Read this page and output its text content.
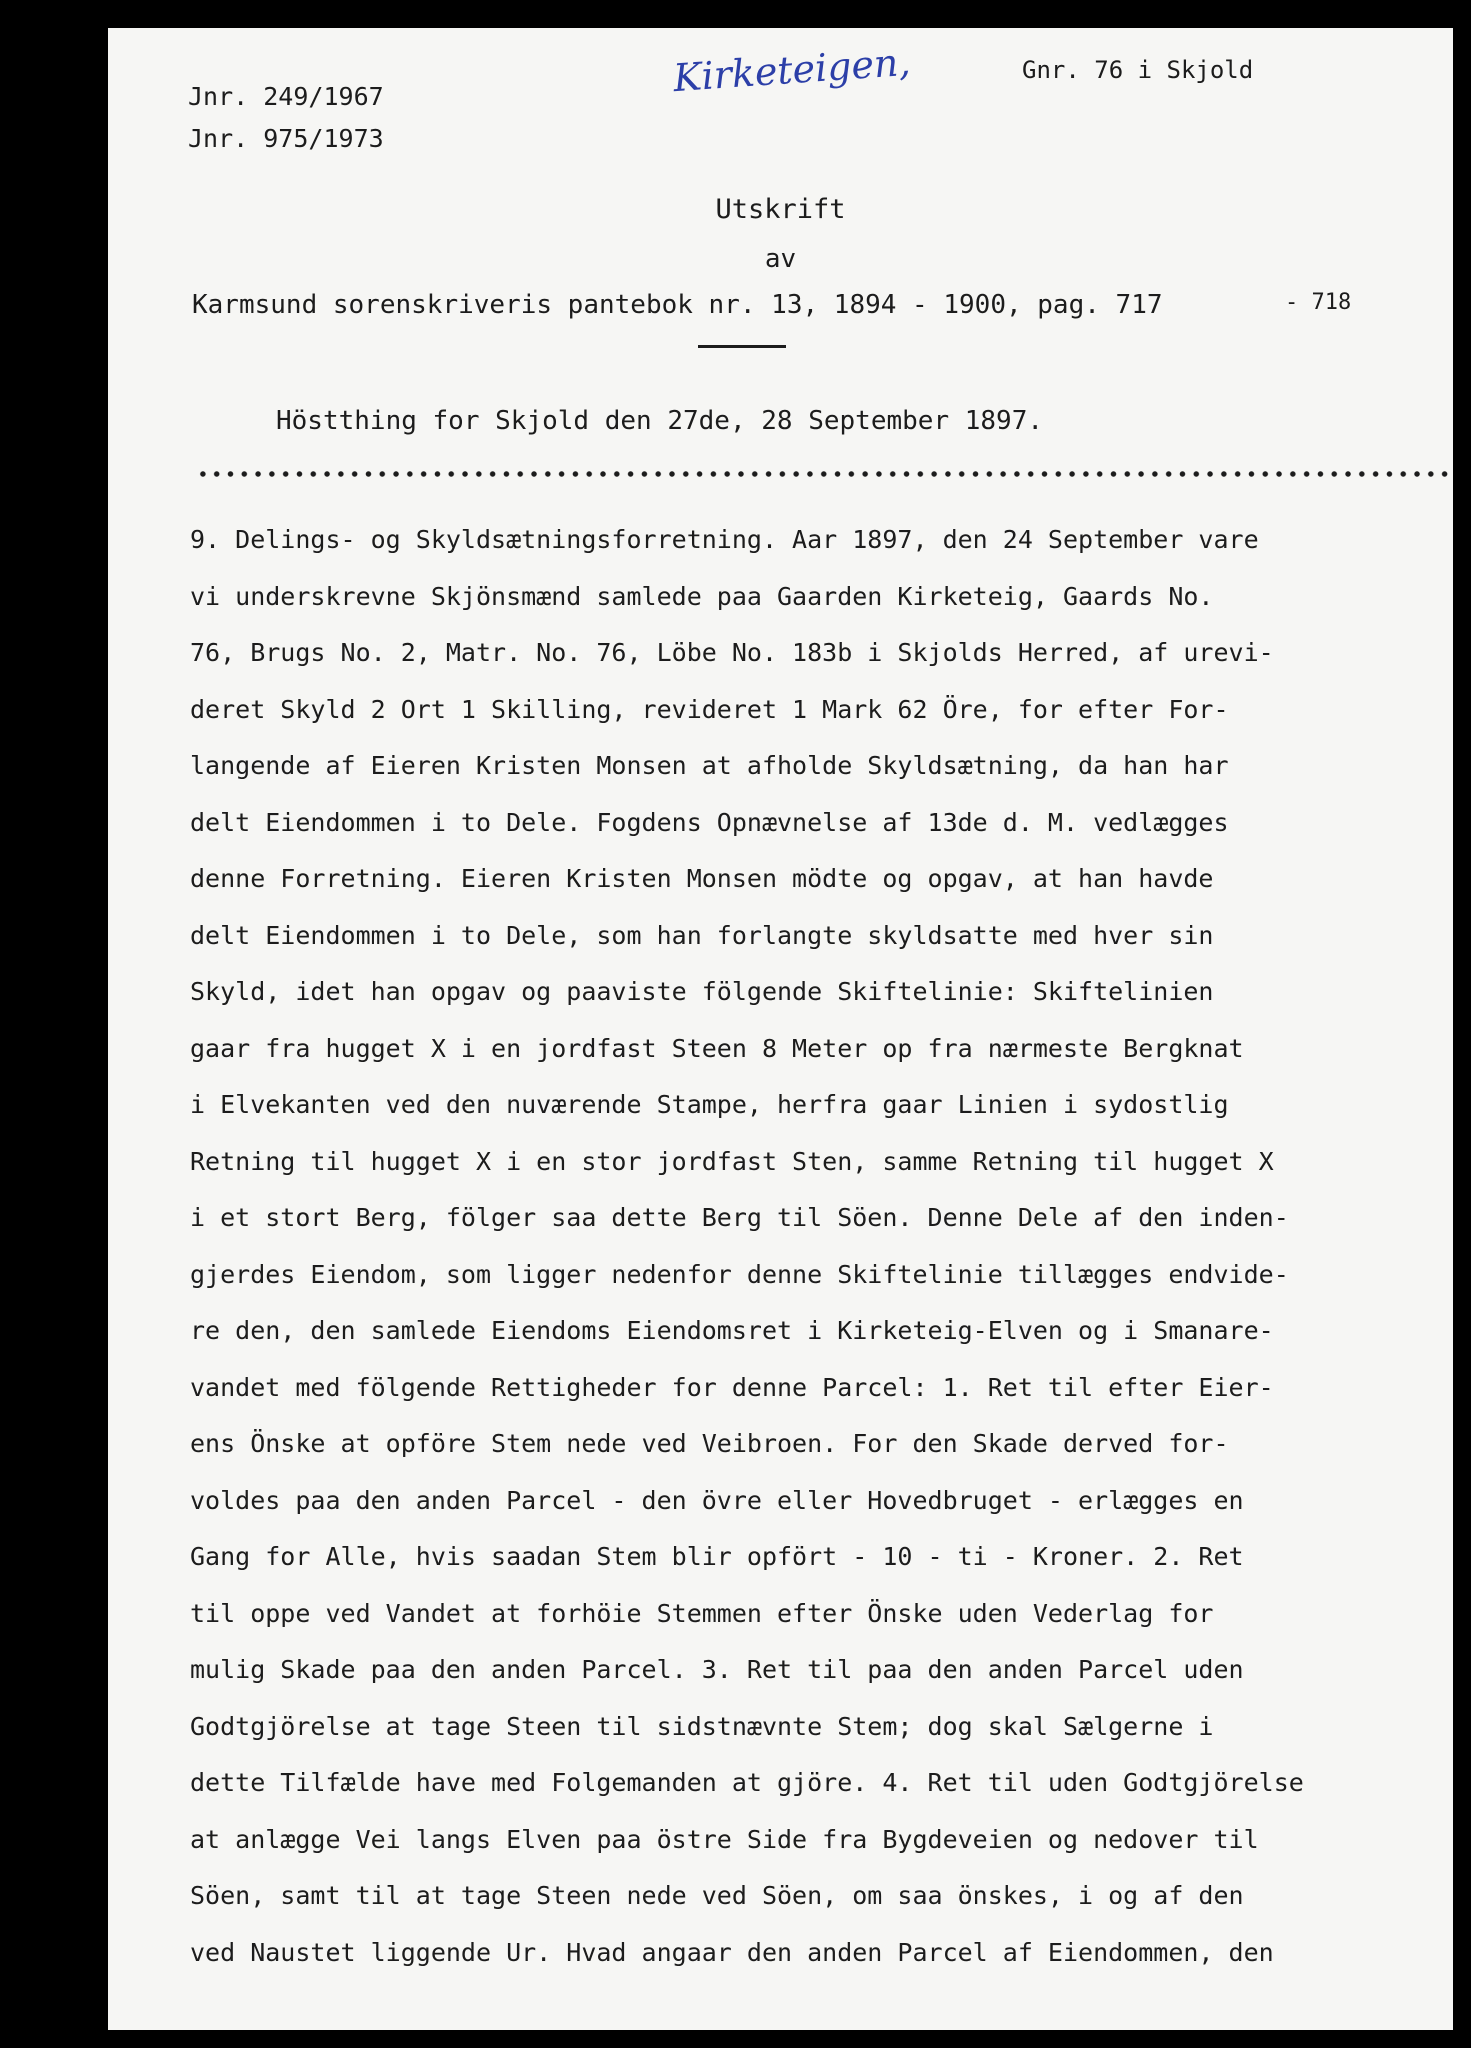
Jnr. 249/1967
Jnr. 975/1973
Kirketeigen,	Gnr. 76 i Skjold
Utskrift
av
Karmsund sorenskriveris pantebok nr. 13, 1894 - 1900, pag. 717	- 718
Höstthing for Skjold den 27de, 28 September 1897.
9. Delings- og Skyldsætningsforretning. Aar 1897, den 24 September vare
vi underskrevne Skjönsmænd samlede paa Gaarden Kirketeig, Gaards No.
76, Brugs No. 2, Matr. No. 76, Löbe No. 183b i Skjolds Herred, af urevi-
deret Skyld 2 Ort 1 Skilling, revideret 1 Mark 62 Öre, for efter For-
langende af Eieren Kristen Monsen at afholde Skyldsætning, da han har
delt Eiendommen i to Dele. Fogdens Opnævnelse af 13de d. M. vedlægges
denne Forretning. Eieren Kristen Monsen mödte og opgav, at han havde
delt Eiendommen i to Dele, som han forlangte skyldsatte med hver sin
Skyld, idet han opgav og paaviste fölgende Skiftelinie: Skiftelinien
gaar fra hugget X i en jordfast Steen 8 Meter op fra nærmeste Bergknat
i Elvekanten ved den nuværende Stampe, herfra gaar Linien i sydostlig
Retning til hugget X i en stor jordfast Sten, samme Retning til hugget X
i et stort Berg, fölger saa dette Berg til Söen. Denne Dele af den inden-
gjerdes Eiendom, som ligger nedenfor denne Skiftelinie tillægges endvide-
re den, den samlede Eiendoms Eiendomsret i Kirketeig-Elven og i Smanare-
vandet med fölgende Rettigheder for denne Parcel: 1. Ret til efter Eier-
ens Önske at opföre Stem nede ved Veibroen. For den Skade derved for-
voldes paa den anden Parcel - den övre eller Hovedbruget - erlægges en
Gang for Alle, hvis saadan Stem blir opfört - 10 - ti - Kroner. 2. Ret
til oppe ved Vandet at forhöie Stemmen efter Önske uden Vederlag for
mulig Skade paa den anden Parcel. 3. Ret til paa den anden Parcel uden
Godtgjörelse at tage Steen til sidstnævnte Stem; dog skal Sælgerne i
dette Tilfælde have med Folgemanden at gjöre. 4. Ret til uden Godtgjörelse
at anlægge Vei langs Elven paa östre Side fra Bygdeveien og nedover til
Söen, samt til at tage Steen nede ved Söen, om saa önskes, i og af den
ved Naustet liggende Ur. Hvad angaar den anden Parcel af Eiendommen, den
